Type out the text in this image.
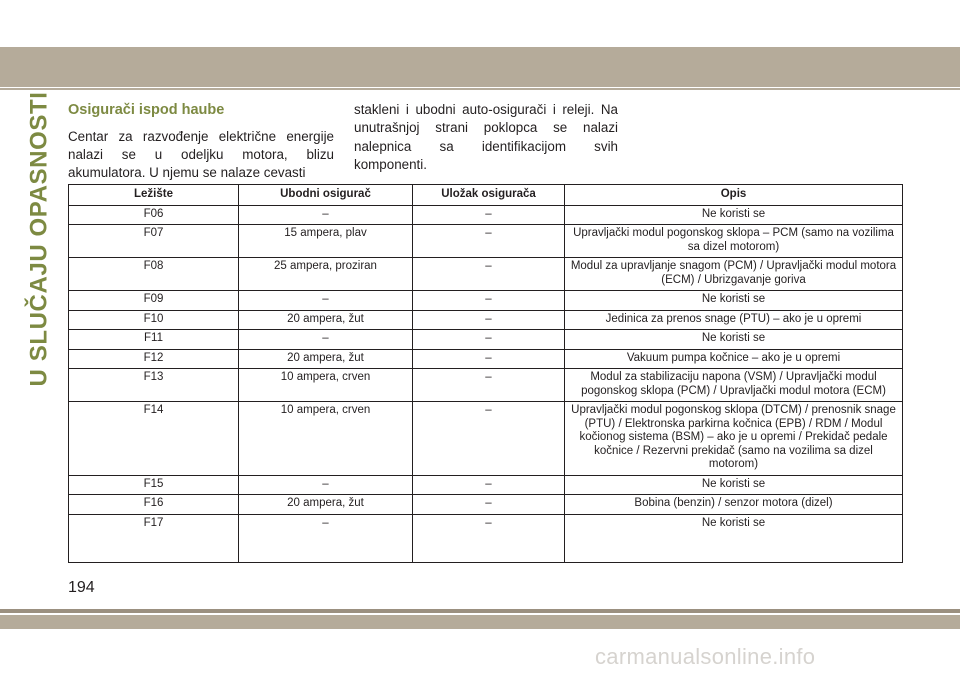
U SLUČAJU OPASNOSTI Osigurači ispod haube

Centar za razvođenje električne energije nalazi se u odeljku motora, blizu akumulatora. U njemu se nalaze cevasti

stakleni i ubodni auto-osigurači i releji. Na unutrašnjoj strani poklopca se nalazi nalepnica sa identifikacijom svih komponenti.

Ležište	Ubodni osigurač	Uložak osigurača	Opis
F06	–	–	Ne koristi se
F07	15 ampera, plav	–	Upravljački modul pogonskog sklopa – PCM (samo na vozilima sa dizel motorom)
F08	25 ampera, proziran	–	Modul za upravljanje snagom (PCM) / Upravljački modul motora (ECM) / Ubrizgavanje goriva
F09	–	–	Ne koristi se
F10	20 ampera, žut	–	Jedinica za prenos snage (PTU) – ako je u opremi
F11	–	–	Ne koristi se
F12	20 ampera, žut	–	Vakuum pumpa kočnice – ako je u opremi
F13	10 ampera, crven	–	Modul za stabilizaciju napona (VSM) / Upravljački modul pogonskog sklopa (PCM) / Upravljački modul motora (ECM)
F14	10 ampera, crven	–	Upravljački modul pogonskog sklopa (DTCM) / prenosnik snage (PTU) / Elektronska parkirna kočnica (EPB) / RDM / Modul kočionog sistema (BSM) – ako je u opremi / Prekidač pedale kočnice / Rezervni prekidač (samo na vozilima sa dizel motorom)
F15	–	–	Ne koristi se
F16	20 ampera, žut	–	Bobina (benzin) / senzor motora (dizel)
F17	–	–	Ne koristi se
194
carmanualsonline.info
